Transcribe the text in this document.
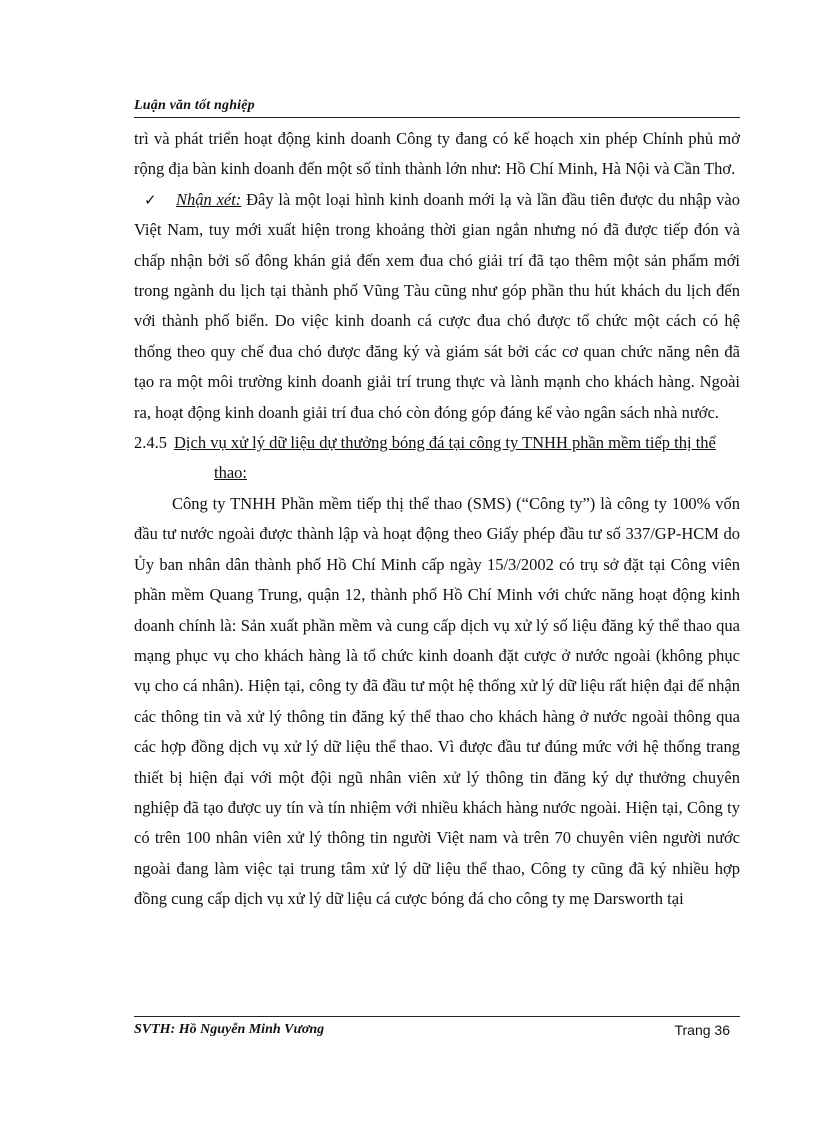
Luận văn tốt nghiệp

trì và phát triển hoạt động kinh doanh Công ty đang có kế hoạch xin phép Chính phủ mở rộng địa bàn kinh doanh đến một số tỉnh thành lớn như: Hồ Chí Minh, Hà Nội và Cần Thơ.

✓ Nhận xét: Đây là một loại hình kinh doanh mới lạ và lần đầu tiên được du nhập vào Việt Nam, tuy mới xuất hiện trong khoảng thời gian ngắn nhưng nó đã được tiếp đón và chấp nhận bởi số đông khán giả đến xem đua chó giải trí đã tạo thêm một sản phẩm mới trong ngành du lịch tại thành phố Vũng Tàu cũng như góp phần thu hút khách du lịch đến với thành phố biển. Do việc kinh doanh cá cược đua chó được tổ chức một cách có hệ thống theo quy chế đua chó được đăng ký và giám sát bởi các cơ quan chức năng nên đã tạo ra một môi trường kinh doanh giải trí trung thực và lành mạnh cho khách hàng. Ngoài ra, hoạt động kinh doanh giải trí đua chó còn đóng góp đáng kể vào ngân sách nhà nước.

2.4.5 Dịch vụ xử lý dữ liệu dự thưởng bóng đá tại công ty TNHH phần mềm tiếp thị thể thao:

Công ty TNHH Phần mềm tiếp thị thể thao (SMS) (“Công ty”) là công ty 100% vốn đầu tư nước ngoài được thành lập và hoạt động theo Giấy phép đầu tư số 337/GP-HCM do Ủy ban nhân dân thành phố Hồ Chí Minh cấp ngày 15/3/2002 có trụ sở đặt tại Công viên phần mềm Quang Trung, quận 12, thành phố Hồ Chí Minh với chức năng hoạt động kinh doanh chính là: Sản xuất phần mềm và cung cấp dịch vụ xử lý số liệu đăng ký thể thao qua mạng phục vụ cho khách hàng là tổ chức kinh doanh đặt cược ở nước ngoài (không phục vụ cho cá nhân). Hiện tại, công ty đã đầu tư một hệ thống xử lý dữ liệu rất hiện đại để nhận các thông tin và xử lý thông tin đăng ký thể thao cho khách hàng ở nước ngoài thông qua các hợp đồng dịch vụ xử lý dữ liệu thể thao. Vì được đầu tư đúng mức với hệ thống trang thiết bị hiện đại với một đội ngũ nhân viên xử lý thông tin đăng ký dự thưởng chuyên nghiệp đã tạo được uy tín và tín nhiệm với nhiều khách hàng nước ngoài. Hiện tại, Công ty có trên 100 nhân viên xử lý thông tin người Việt nam và trên 70 chuyên viên người nước ngoài đang làm việc tại trung tâm xử lý dữ liệu thể thao, Công ty cũng đã ký nhiều hợp đồng cung cấp dịch vụ xử lý dữ liệu cá cược bóng đá cho công ty mẹ Darsworth tại

SVTH: Hồ Nguyễn Minh Vương	Trang 36
